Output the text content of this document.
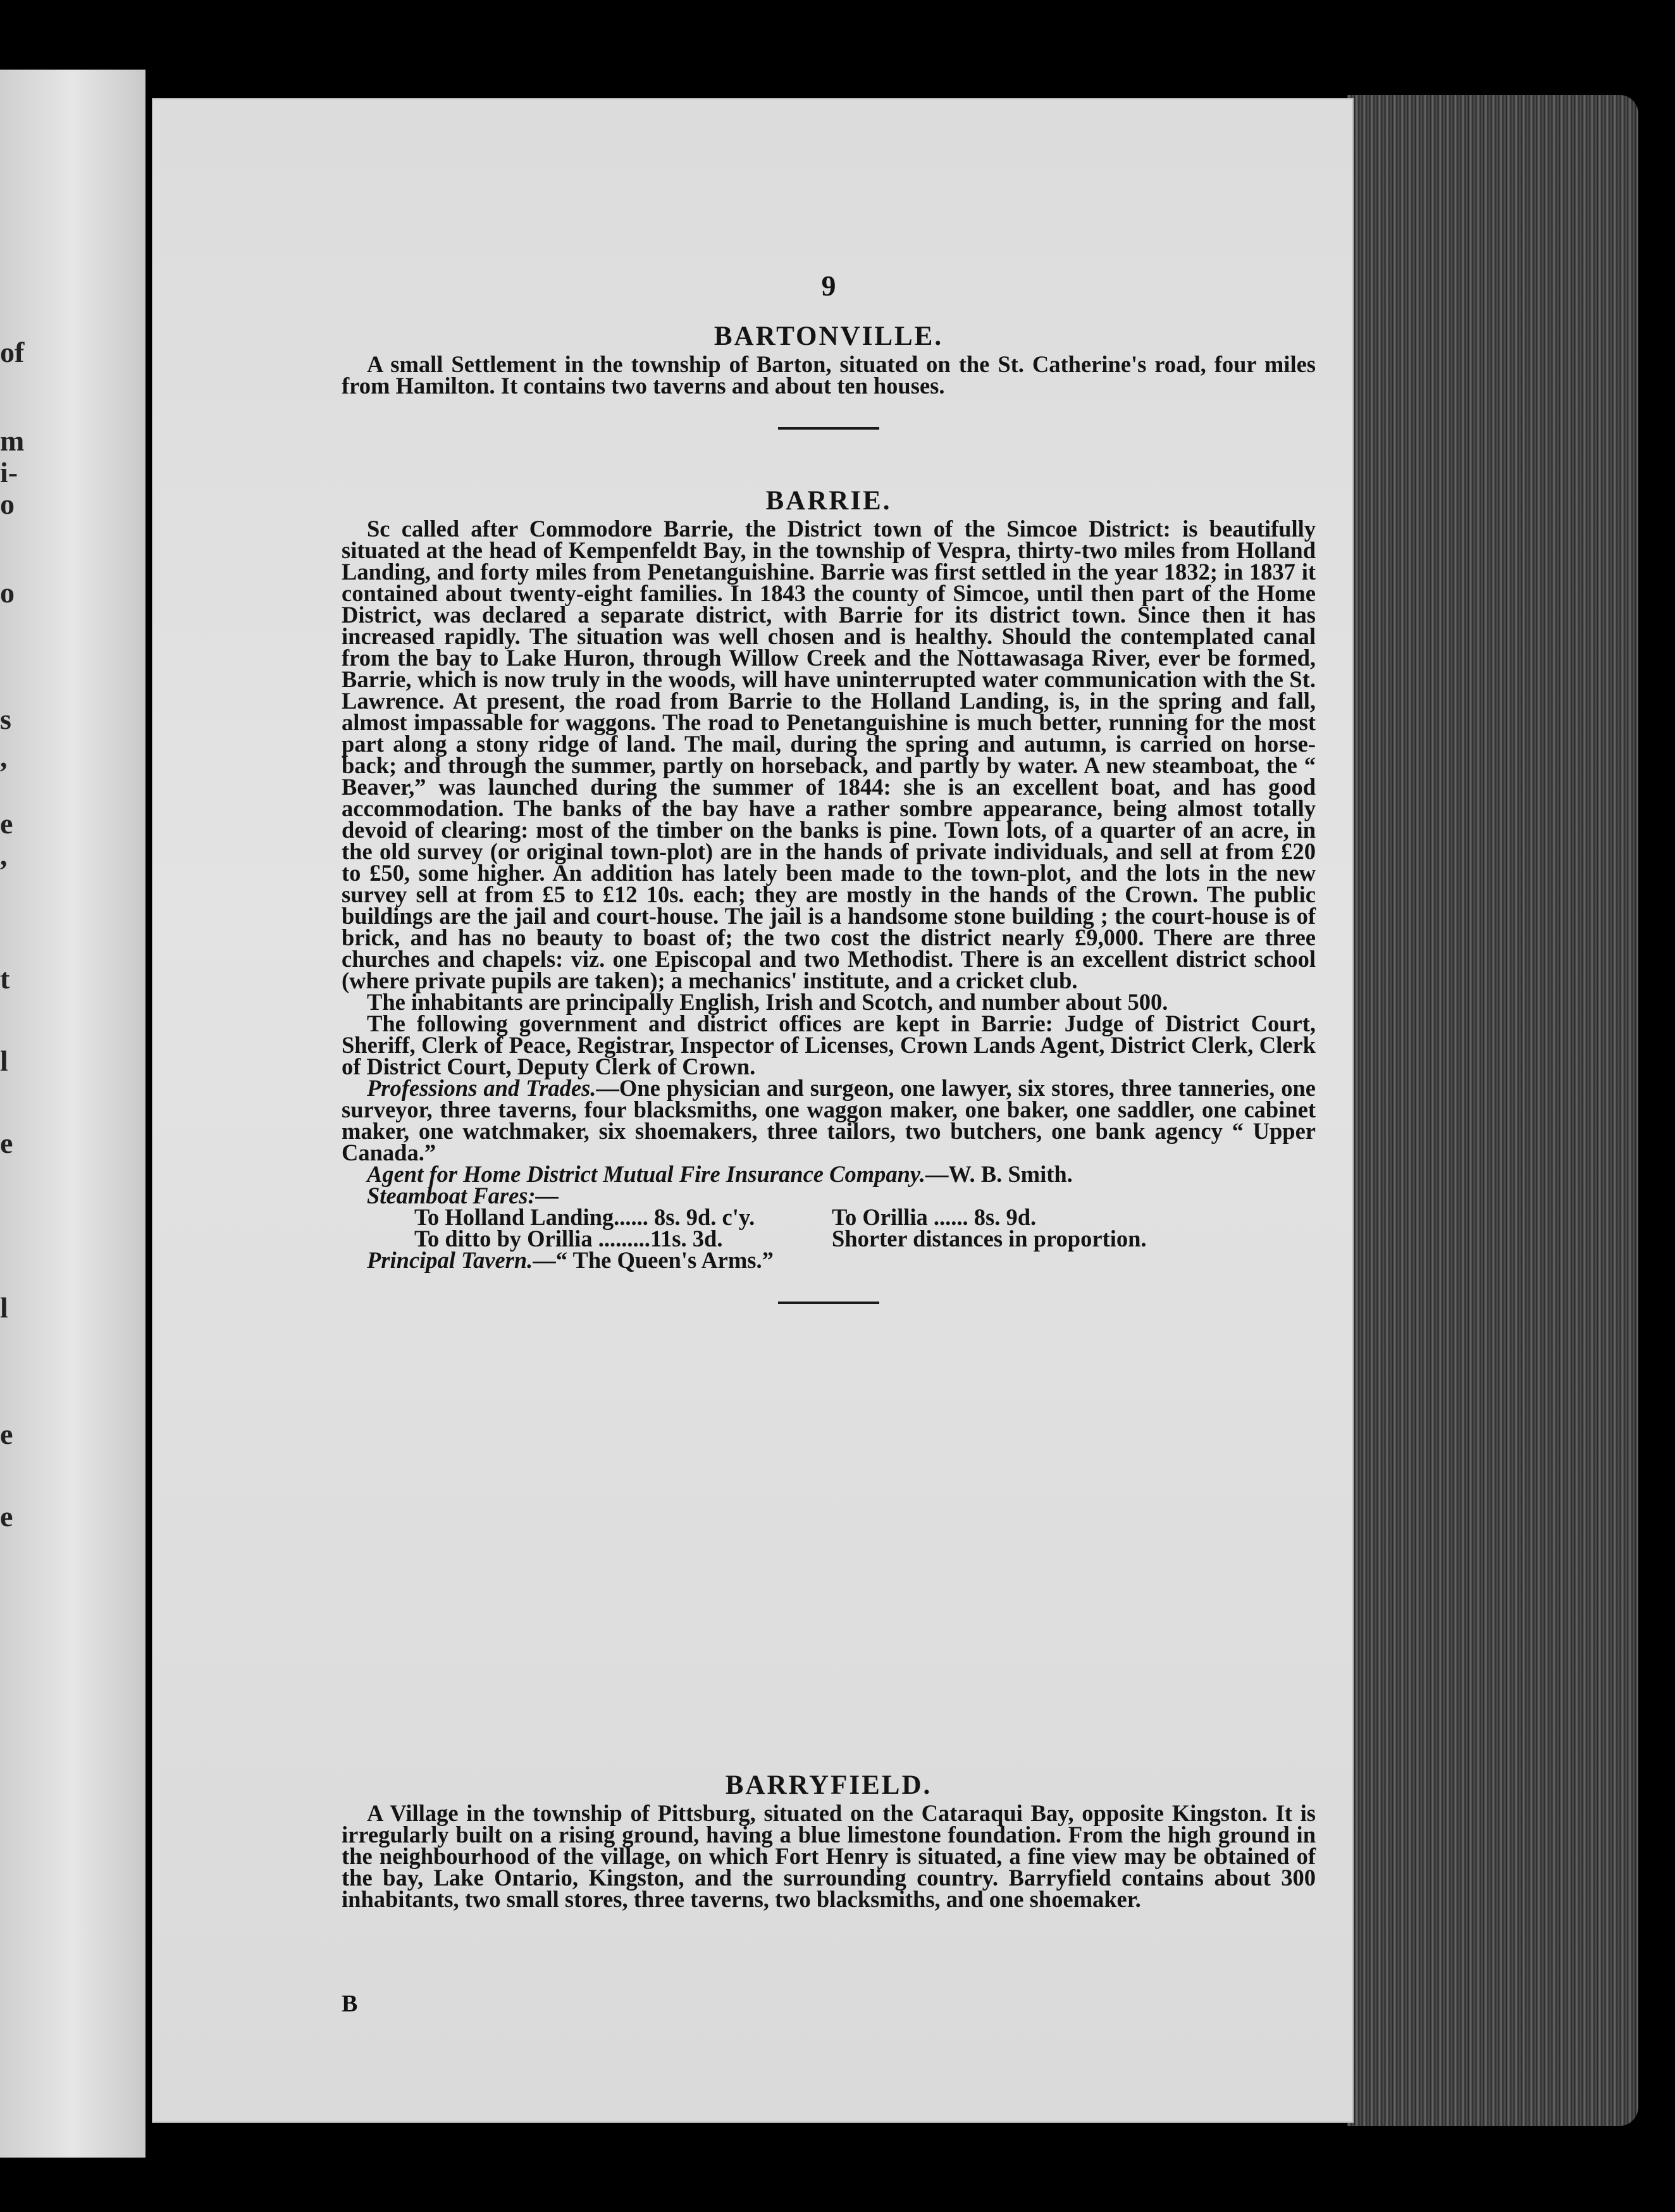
of
m
i-
o
o
s
,
e
,
t
l
e
l
e
e
9
BARTONVILLE.

A small Settlement in the township of Barton, situated on the St. Catherine's road, four miles from Hamilton. It contains two taverns and about ten houses.

BARRIE.

Sc called after Commodore Barrie, the District town of the Simcoe District: is beautifully situated at the head of Kempenfeldt Bay, in the township of Vespra, thirty-two miles from Holland Landing, and forty miles from Penetanguishine. Barrie was first settled in the year 1832; in 1837 it contained about twenty-eight families. In 1843 the county of Simcoe, until then part of the Home District, was declared a separate district, with Barrie for its district town. Since then it has increased rapidly. The situation was well chosen and is healthy. Should the contemplated canal from the bay to Lake Huron, through Willow Creek and the Nottawasaga River, ever be formed, Barrie, which is now truly in the woods, will have uninterrupted water communication with the St. Lawrence. At present, the road from Barrie to the Holland Landing, is, in the spring and fall, almost impassable for waggons. The road to Penetanguishine is much better, running for the most part along a stony ridge of land. The mail, during the spring and autumn, is carried on horse-back; and through the summer, partly on horseback, and partly by water. A new steamboat, the “ Beaver,” was launched during the summer of 1844: she is an excellent boat, and has good accommodation. The banks of the bay have a rather sombre appearance, being almost totally devoid of clearing: most of the timber on the banks is pine. Town lots, of a quarter of an acre, in the old survey (or original town-plot) are in the hands of private individuals, and sell at from £20 to £50, some higher. An addition has lately been made to the town-plot, and the lots in the new survey sell at from £5 to £12 10s. each; they are mostly in the hands of the Crown. The public buildings are the jail and court-house. The jail is a handsome stone building ; the court-house is of brick, and has no beauty to boast of; the two cost the district nearly £9,000. There are three churches and chapels: viz. one Episcopal and two Methodist. There is an excellent district school (where private pupils are taken); a mechanics' institute, and a cricket club.

The inhabitants are principally English, Irish and Scotch, and number about 500.

The following government and district offices are kept in Barrie: Judge of District Court, Sheriff, Clerk of Peace, Registrar, Inspector of Licenses, Crown Lands Agent, District Clerk, Clerk of District Court, Deputy Clerk of Crown.

Professions and Trades.—One physician and surgeon, one lawyer, six stores, three tanneries, one surveyor, three taverns, four blacksmiths, one waggon maker, one baker, one saddler, one cabinet maker, one watchmaker, six shoemakers, three tailors, two butchers, one bank agency “ Upper Canada.”

Agent for Home District Mutual Fire Insurance Company.—W. B. Smith.

Steamboat Fares:—

To Holland Landing...... 8s. 9d. c'y.	To Orillia ...... 8s. 9d.
To ditto by Orillia .........11s. 3d.	Shorter distances in proportion.

Principal Tavern.—“ The Queen's Arms.”

BARRYFIELD.

A Village in the township of Pittsburg, situated on the Cataraqui Bay, opposite Kingston. It is irregularly built on a rising ground, having a blue limestone foundation. From the high ground in the neighbourhood of the village, on which Fort Henry is situated, a fine view may be obtained of the bay, Lake Ontario, Kingston, and the surrounding country. Barryfield contains about 300 inhabitants, two small stores, three taverns, two blacksmiths, and one shoemaker.

B
